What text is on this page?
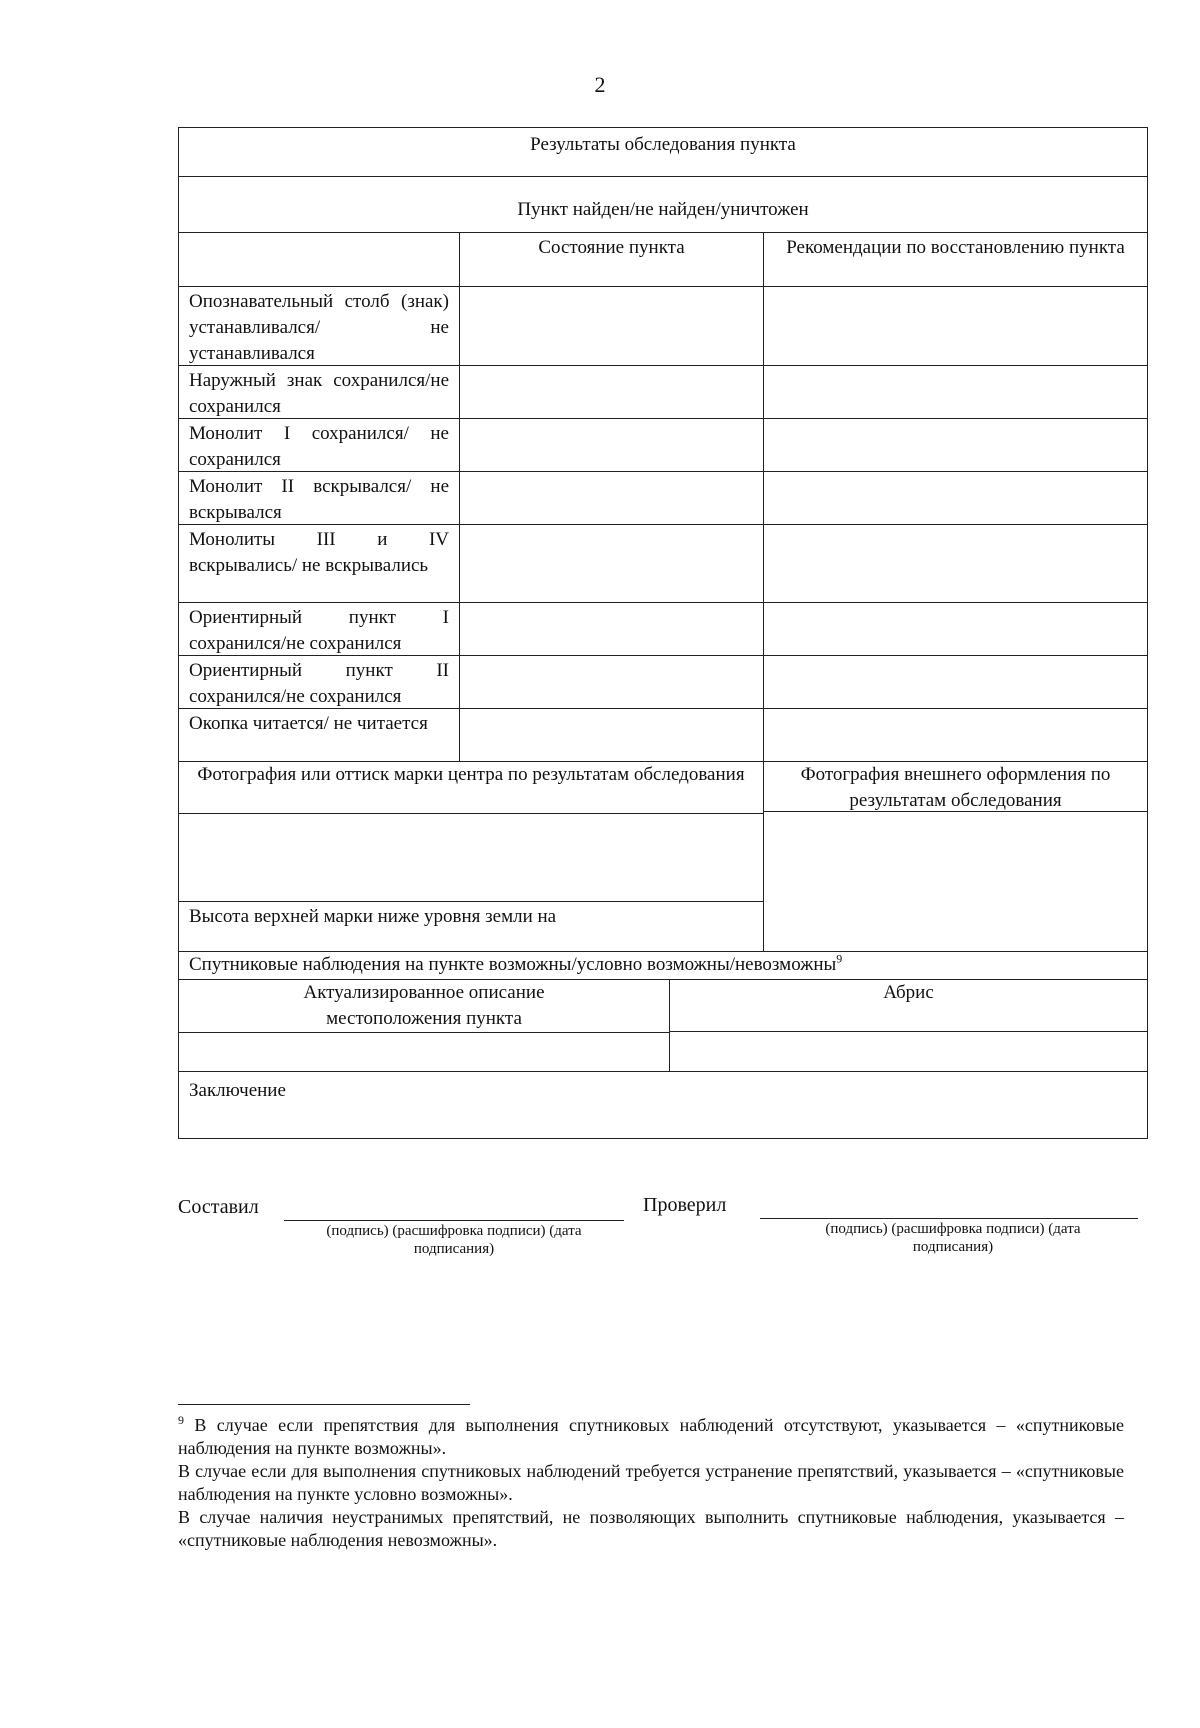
2
Результаты обследования пункта
Пункт найден/не найден/уничтожен
Состояние пункта	Рекомендации по восстановлению пункта
Опознавательный столб (знак) устанавливался/ не устанавливался
Наружный знак сохранился/не сохранился
Монолит I сохранился/ не сохранился
Монолит II вскрывался/ не вскрывался
Монолиты III и IV вскрывались/ не вскрывались
Ориентирный пункт I сохранился/не сохранился
Ориентирный пункт II сохранился/не сохранился
Окопка читается/ не читается
Фотография или оттиск марки центра по результатам обследования
Высота верхней марки ниже уровня земли на
Фотография внешнего оформления по результатам обследования
Спутниковые наблюдения на пункте возможны/условно возможны/невозможны$^9$
Актуализированное описание местоположения пункта
Абрис
Заключение
Составил
(подпись) (расшифровка подписи) (дата подписания)
Проверил
(подпись) (расшифровка подписи) (дата подписания)

$^9$ В случае если препятствия для выполнения спутниковых наблюдений отсутствуют, указывается – «спутниковые наблюдения на пункте возможны».

В случае если для выполнения спутниковых наблюдений требуется устранение препятствий, указывается – «спутниковые наблюдения на пункте условно возможны».

В случае наличия неустранимых препятствий, не позволяющих выполнить спутниковые наблюдения, указывается – «спутниковые наблюдения невозможны».
